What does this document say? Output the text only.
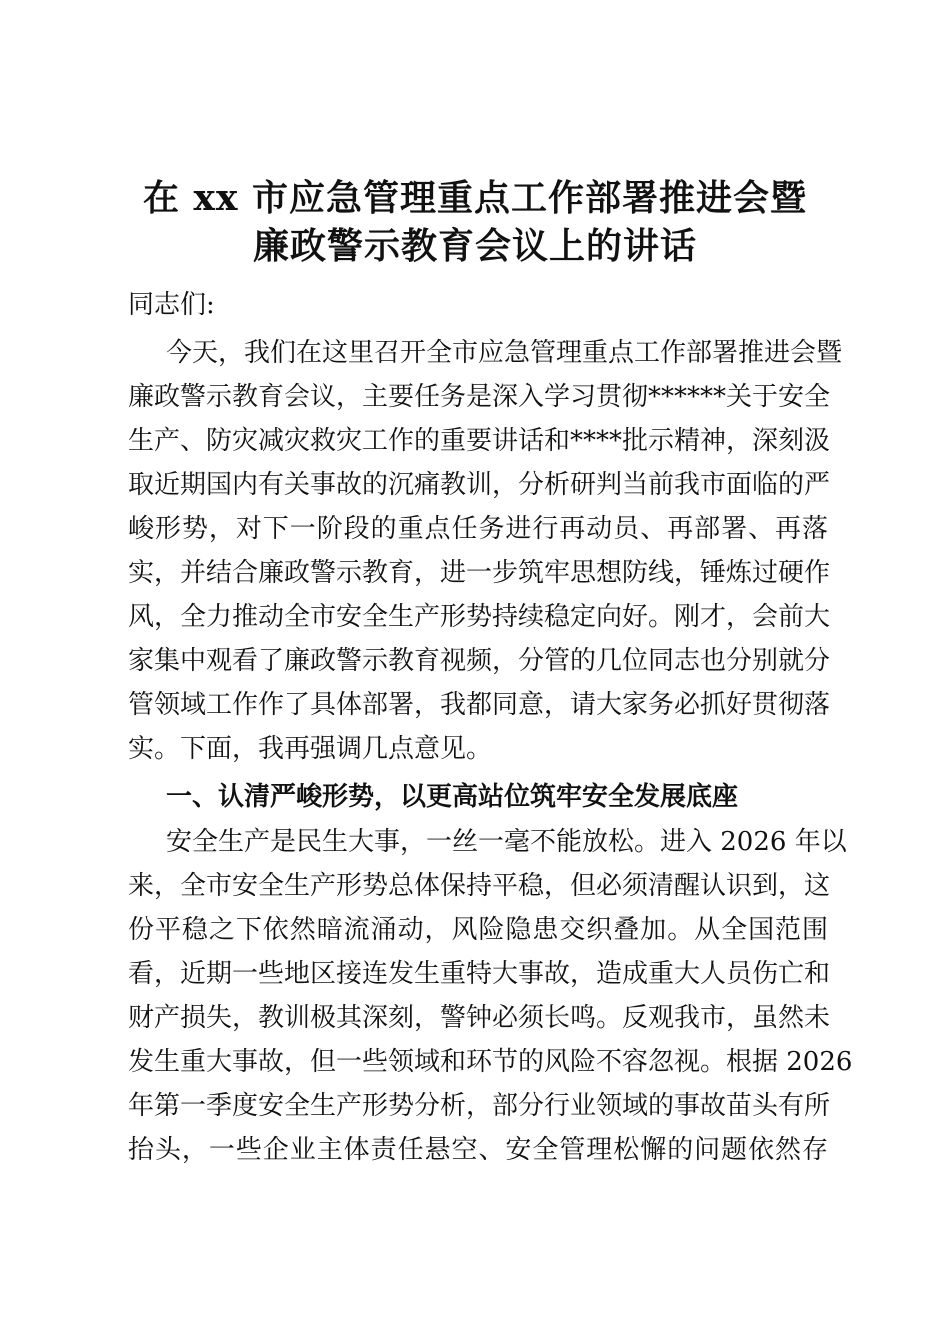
在 xx 市应急管理重点工作部署推进会暨
廉政警示教育会议上的讲话
同志们:
今天，我们在这里召开全市应急管理重点工作部署推进会暨
廉政警示教育会议，主要任务是深入学习贯彻******关于安全
生产、防灾减灾救灾工作的重要讲话和****批示精神，深刻汲
取近期国内有关事故的沉痛教训，分析研判当前我市面临的严
峻形势，对下一阶段的重点任务进行再动员、再部署、再落
实，并结合廉政警示教育，进一步筑牢思想防线，锤炼过硬作
风，全力推动全市安全生产形势持续稳定向好。刚才，会前大
家集中观看了廉政警示教育视频，分管的几位同志也分别就分
管领域工作作了具体部署，我都同意，请大家务必抓好贯彻落
实。下面，我再强调几点意见。
一、认清严峻形势，以更高站位筑牢安全发展底座
安全生产是民生大事，一丝一毫不能放松。进入 2026 年以
来，全市安全生产形势总体保持平稳，但必须清醒认识到，这
份平稳之下依然暗流涌动，风险隐患交织叠加。从全国范围
看，近期一些地区接连发生重特大事故，造成重大人员伤亡和
财产损失，教训极其深刻，警钟必须长鸣。反观我市，虽然未
发生重大事故，但一些领域和环节的风险不容忽视。根据 2026
年第一季度安全生产形势分析，部分行业领域的事故苗头有所
抬头，一些企业主体责任悬空、安全管理松懈的问题依然存
